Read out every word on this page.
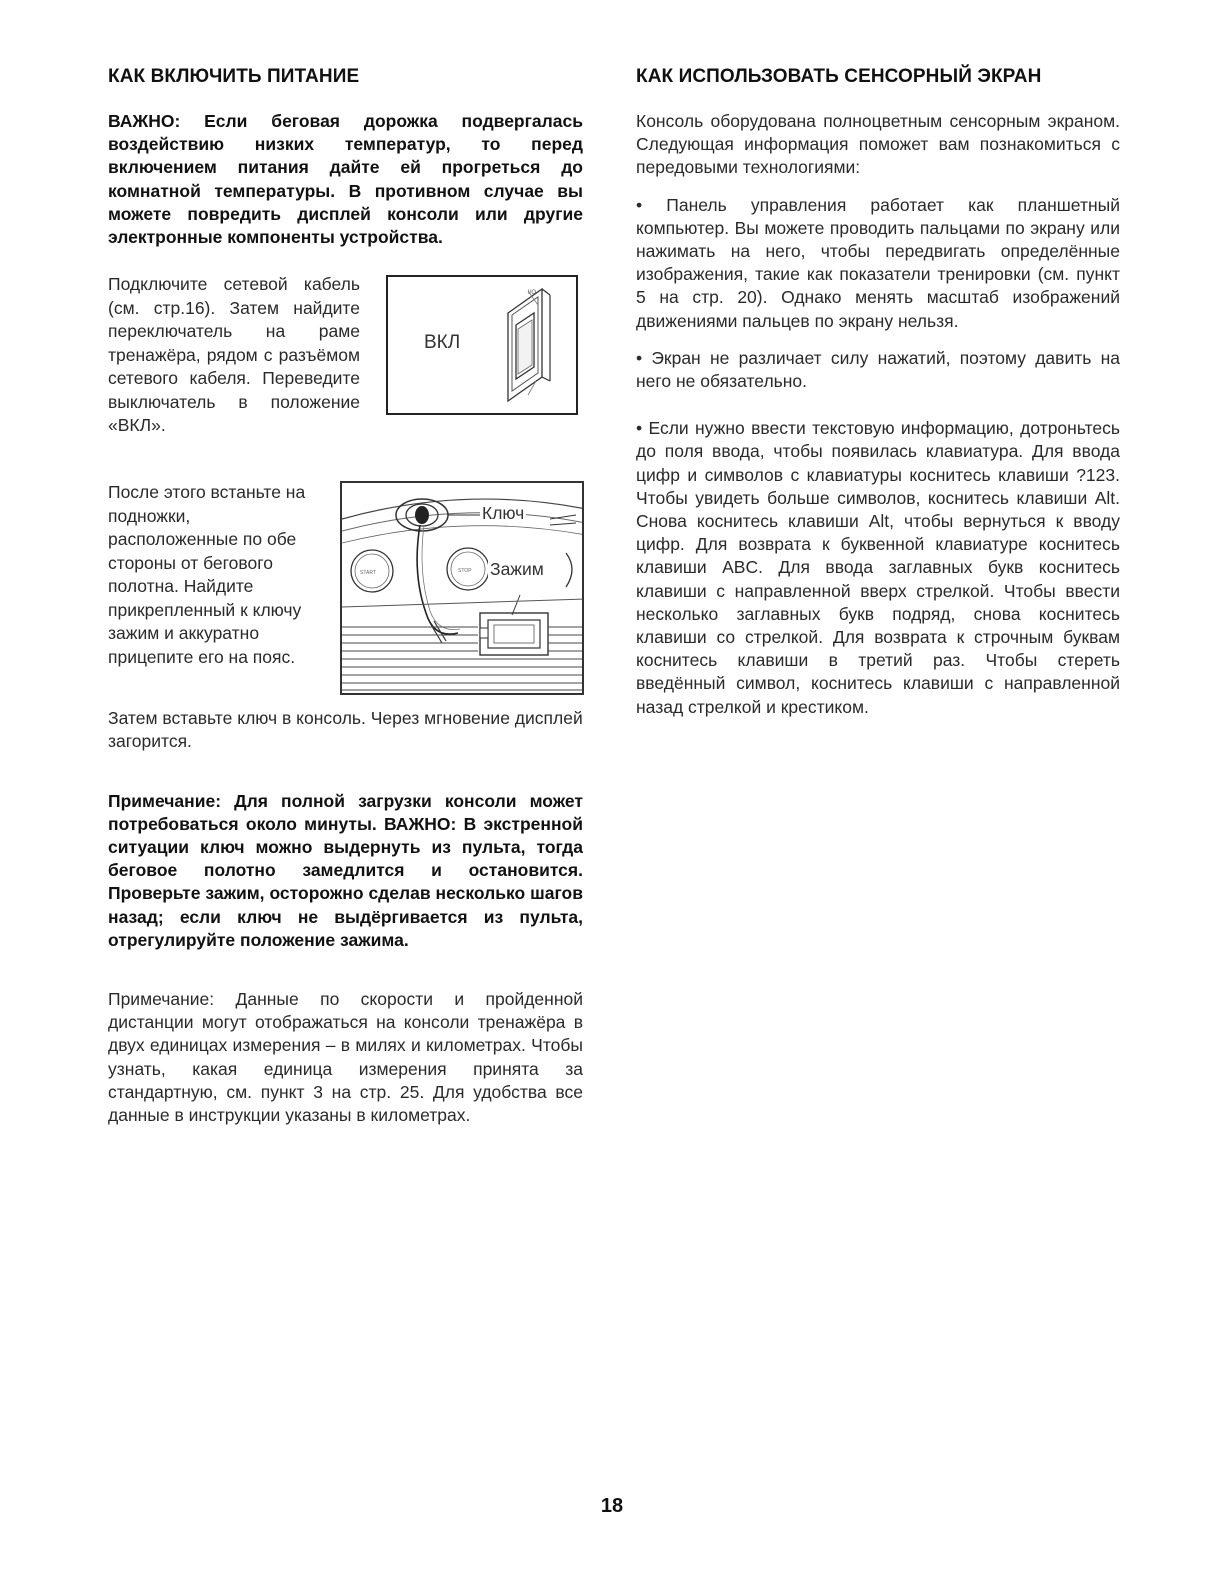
КАК ВКЛЮЧИТЬ ПИТАНИЕ

ВАЖНО: Если беговая дорожка подвергалась воздействию низких температур, то перед включением питания дайте ей прогреться до комнатной температуры. В противном случае вы можете повредить дисплей консоли или другие электронные компоненты устройства.

Подключите сетевой кабель (см. стр.16). Затем найдите переключатель на раме тренажёра, рядом с разъёмом сетевого кабеля. Переведите выключатель в положение «ВКЛ».

ВКЛ
I/O

После этого встаньте на подножки, расположенные по обе стороны от бегового полотна. Найдите прикрепленный к ключу зажим и аккуратно прицепите его на пояс.

START	STOP
Ключ
Зажим

Затем вставьте ключ в консоль. Через мгновение дисплей загорится.

Примечание: Для полной загрузки консоли может потребоваться около минуты. ВАЖНО: В экстренной ситуации ключ можно выдернуть из пульта, тогда беговое полотно замедлится и остановится. Проверьте зажим, осторожно сделав несколько шагов назад; если ключ не выдёргивается из пульта, отрегулируйте положение зажима.

Примечание: Данные по скорости и пройденной дистанции могут отображаться на консоли тренажёра в двух единицах измерения – в милях и километрах. Чтобы узнать, какая единица измерения принята за стандартную, см. пункт 3 на стр. 25. Для удобства все данные в инструкции указаны в километрах.

КАК ИСПОЛЬЗОВАТЬ СЕНСОРНЫЙ ЭКРАН

Консоль оборудована полноцветным сенсорным экраном. Следующая информация поможет вам познакомиться с передовыми технологиями:

• Панель управления работает как планшетный компьютер. Вы можете проводить пальцами по экрану или нажимать на него, чтобы передвигать определённые изображения, такие как показатели тренировки (см. пункт 5 на стр. 20). Однако менять масштаб изображений движениями пальцев по экрану нельзя.

• Экран не различает силу нажатий, поэтому давить на него не обязательно.

• Если нужно ввести текстовую информацию, дотроньтесь до поля ввода, чтобы появилась клавиатура. Для ввода цифр и символов с клавиатуры коснитесь клавиши ?123. Чтобы увидеть больше символов, коснитесь клавиши Alt. Снова коснитесь клавиши Alt, чтобы вернуться к вводу цифр. Для возврата к буквенной клавиатуре коснитесь клавиши ABC. Для ввода заглавных букв коснитесь клавиши с направленной вверх стрелкой. Чтобы ввести несколько заглавных букв подряд, снова коснитесь клавиши со стрелкой. Для возврата к строчным буквам коснитесь клавиши в третий раз. Чтобы стереть введённый символ, коснитесь клавиши с направленной назад стрелкой и крестиком.

18
